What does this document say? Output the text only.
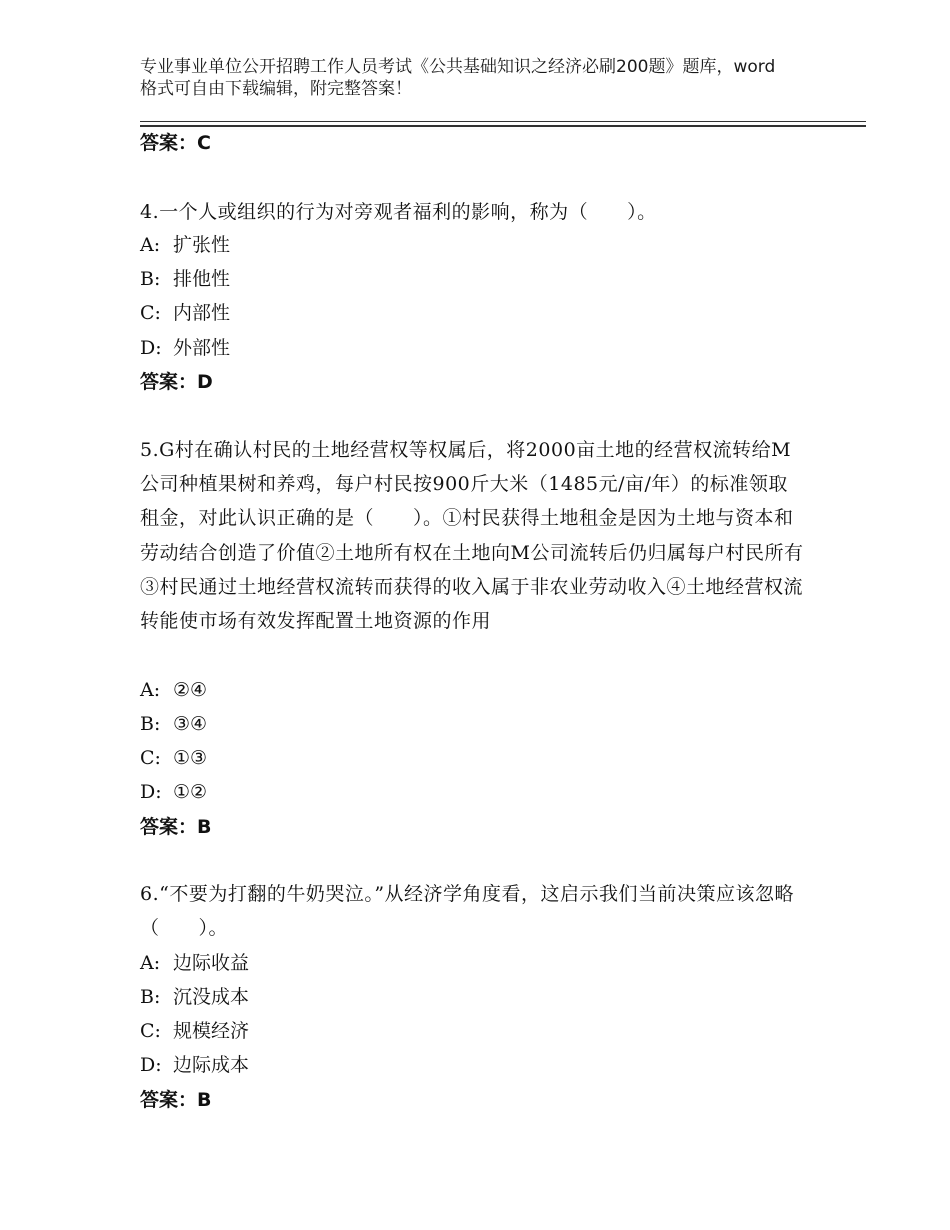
专业事业单位公开招聘工作人员考试《公共基础知识之经济必刷200题》题库，word格式可自由下载编辑，附完整答案！
答案：C
4.一个人或组织的行为对旁观者福利的影响，称为（　　）。
A: 扩张性
B: 排他性
C: 内部性
D: 外部性
答案：D
5.G村在确认村民的土地经营权等权属后，将2000亩土地的经营权流转给M公司种植果树和养鸡，每户村民按900斤大米（1485元/亩/年）的标准领取租金，对此认识正确的是（　　）。①村民获得土地租金是因为土地与资本和劳动结合创造了价值②土地所有权在土地向M公司流转后仍归属每户村民所有③村民通过土地经营权流转而获得的收入属于非农业劳动收入④土地经营权流转能使市场有效发挥配置土地资源的作用
A: ②④
B: ③④
C: ①③
D: ①②
答案：B
6.“不要为打翻的牛奶哭泣。”从经济学角度看，这启示我们当前决策应该忽略（　　）。
A: 边际收益
B: 沉没成本
C: 规模经济
D: 边际成本
答案：B
